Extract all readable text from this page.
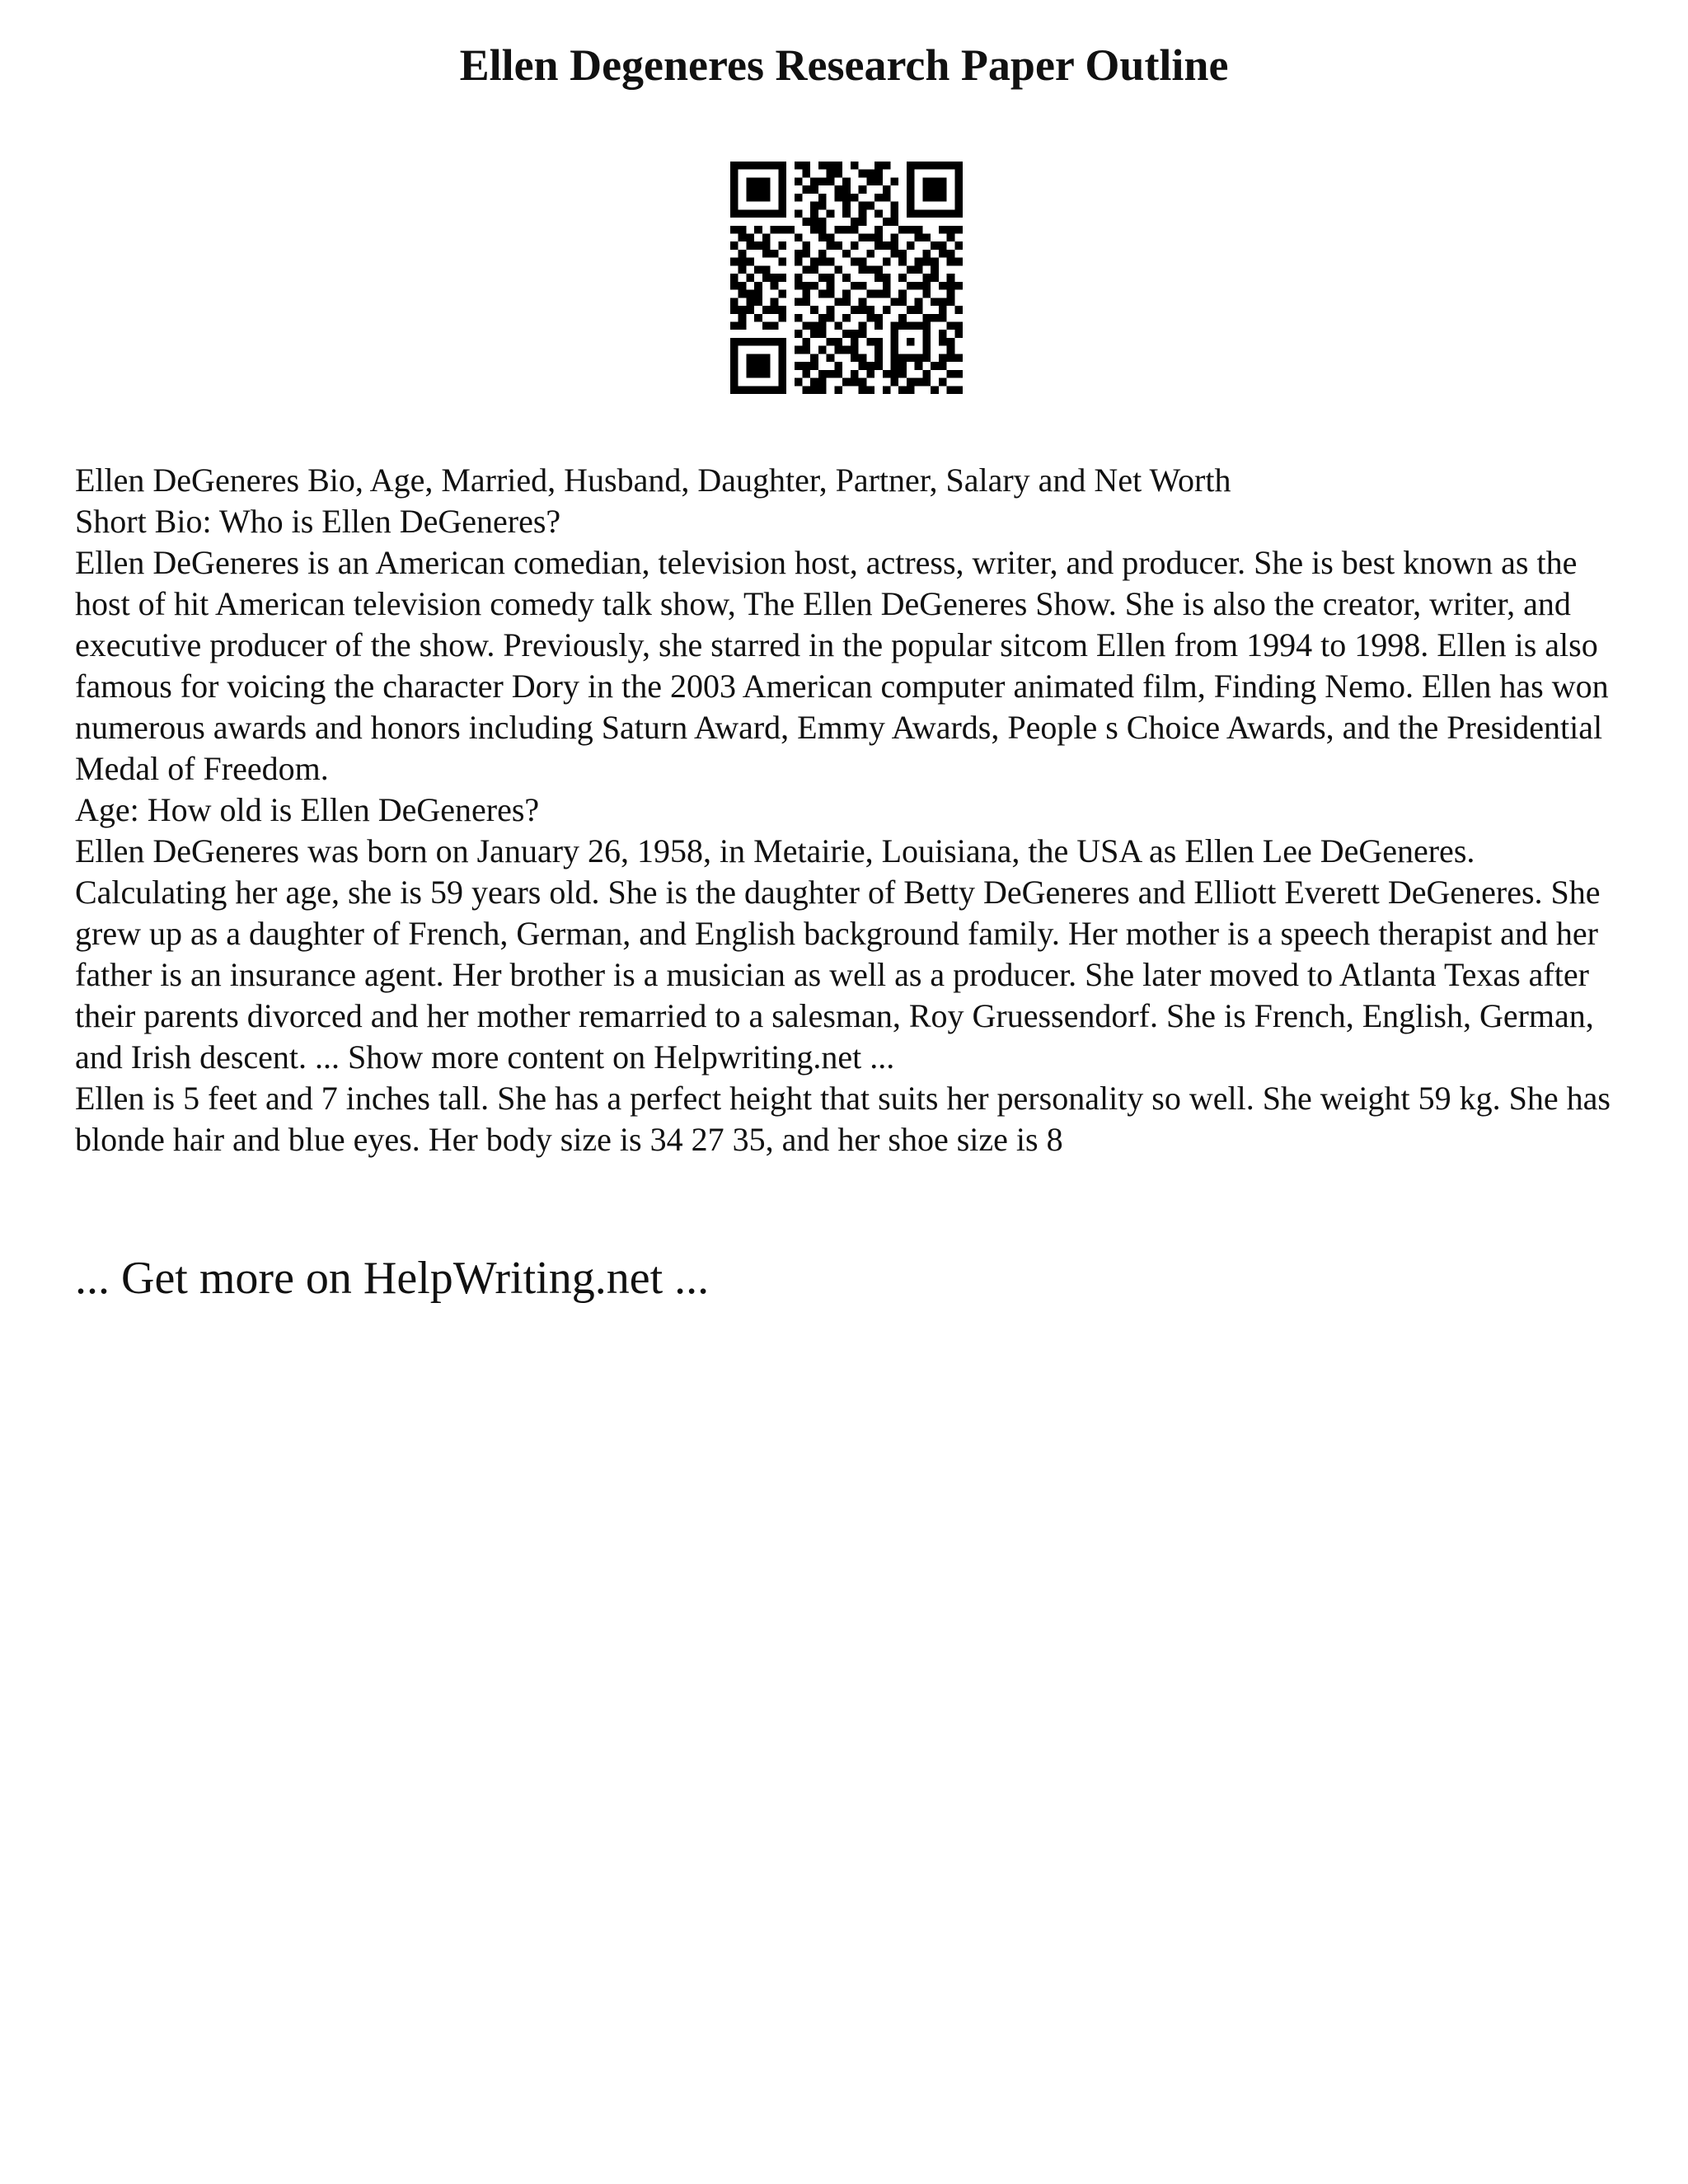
Ellen Degeneres Research Paper Outline

Ellen DeGeneres Bio, Age, Married, Husband, Daughter, Partner, Salary and Net Worth

Short Bio: Who is Ellen DeGeneres?

Ellen DeGeneres is an American comedian, television host, actress, writer, and producer. She is best known as the host of hit American television comedy talk show, The Ellen DeGeneres Show. She is also the creator, writer, and executive producer of the show. Previously, she starred in the popular sitcom Ellen from 1994 to 1998. Ellen is also famous for voicing the character Dory in the 2003 American computer animated film, Finding Nemo. Ellen has won numerous awards and honors including Saturn Award, Emmy Awards, People s Choice Awards, and the Presidential Medal of Freedom.

Age: How old is Ellen DeGeneres?

Ellen DeGeneres was born on January 26, 1958, in Metairie, Louisiana, the USA as Ellen Lee DeGeneres. Calculating her age, she is 59 years old. She is the daughter of Betty DeGeneres and Elliott Everett DeGeneres. She grew up as a daughter of French, German, and English background family. Her mother is a speech therapist and her father is an insurance agent. Her brother is a musician as well as a producer. She later moved to Atlanta Texas after their parents divorced and her mother remarried to a salesman, Roy Gruessendorf. She is French, English, German, and Irish descent. ... Show more content on Helpwriting.net ...

Ellen is 5 feet and 7 inches tall. She has a perfect height that suits her personality so well. She weight 59 kg. She has blonde hair and blue eyes. Her body size is 34 27 35, and her shoe size is 8

... Get more on HelpWriting.net ...
